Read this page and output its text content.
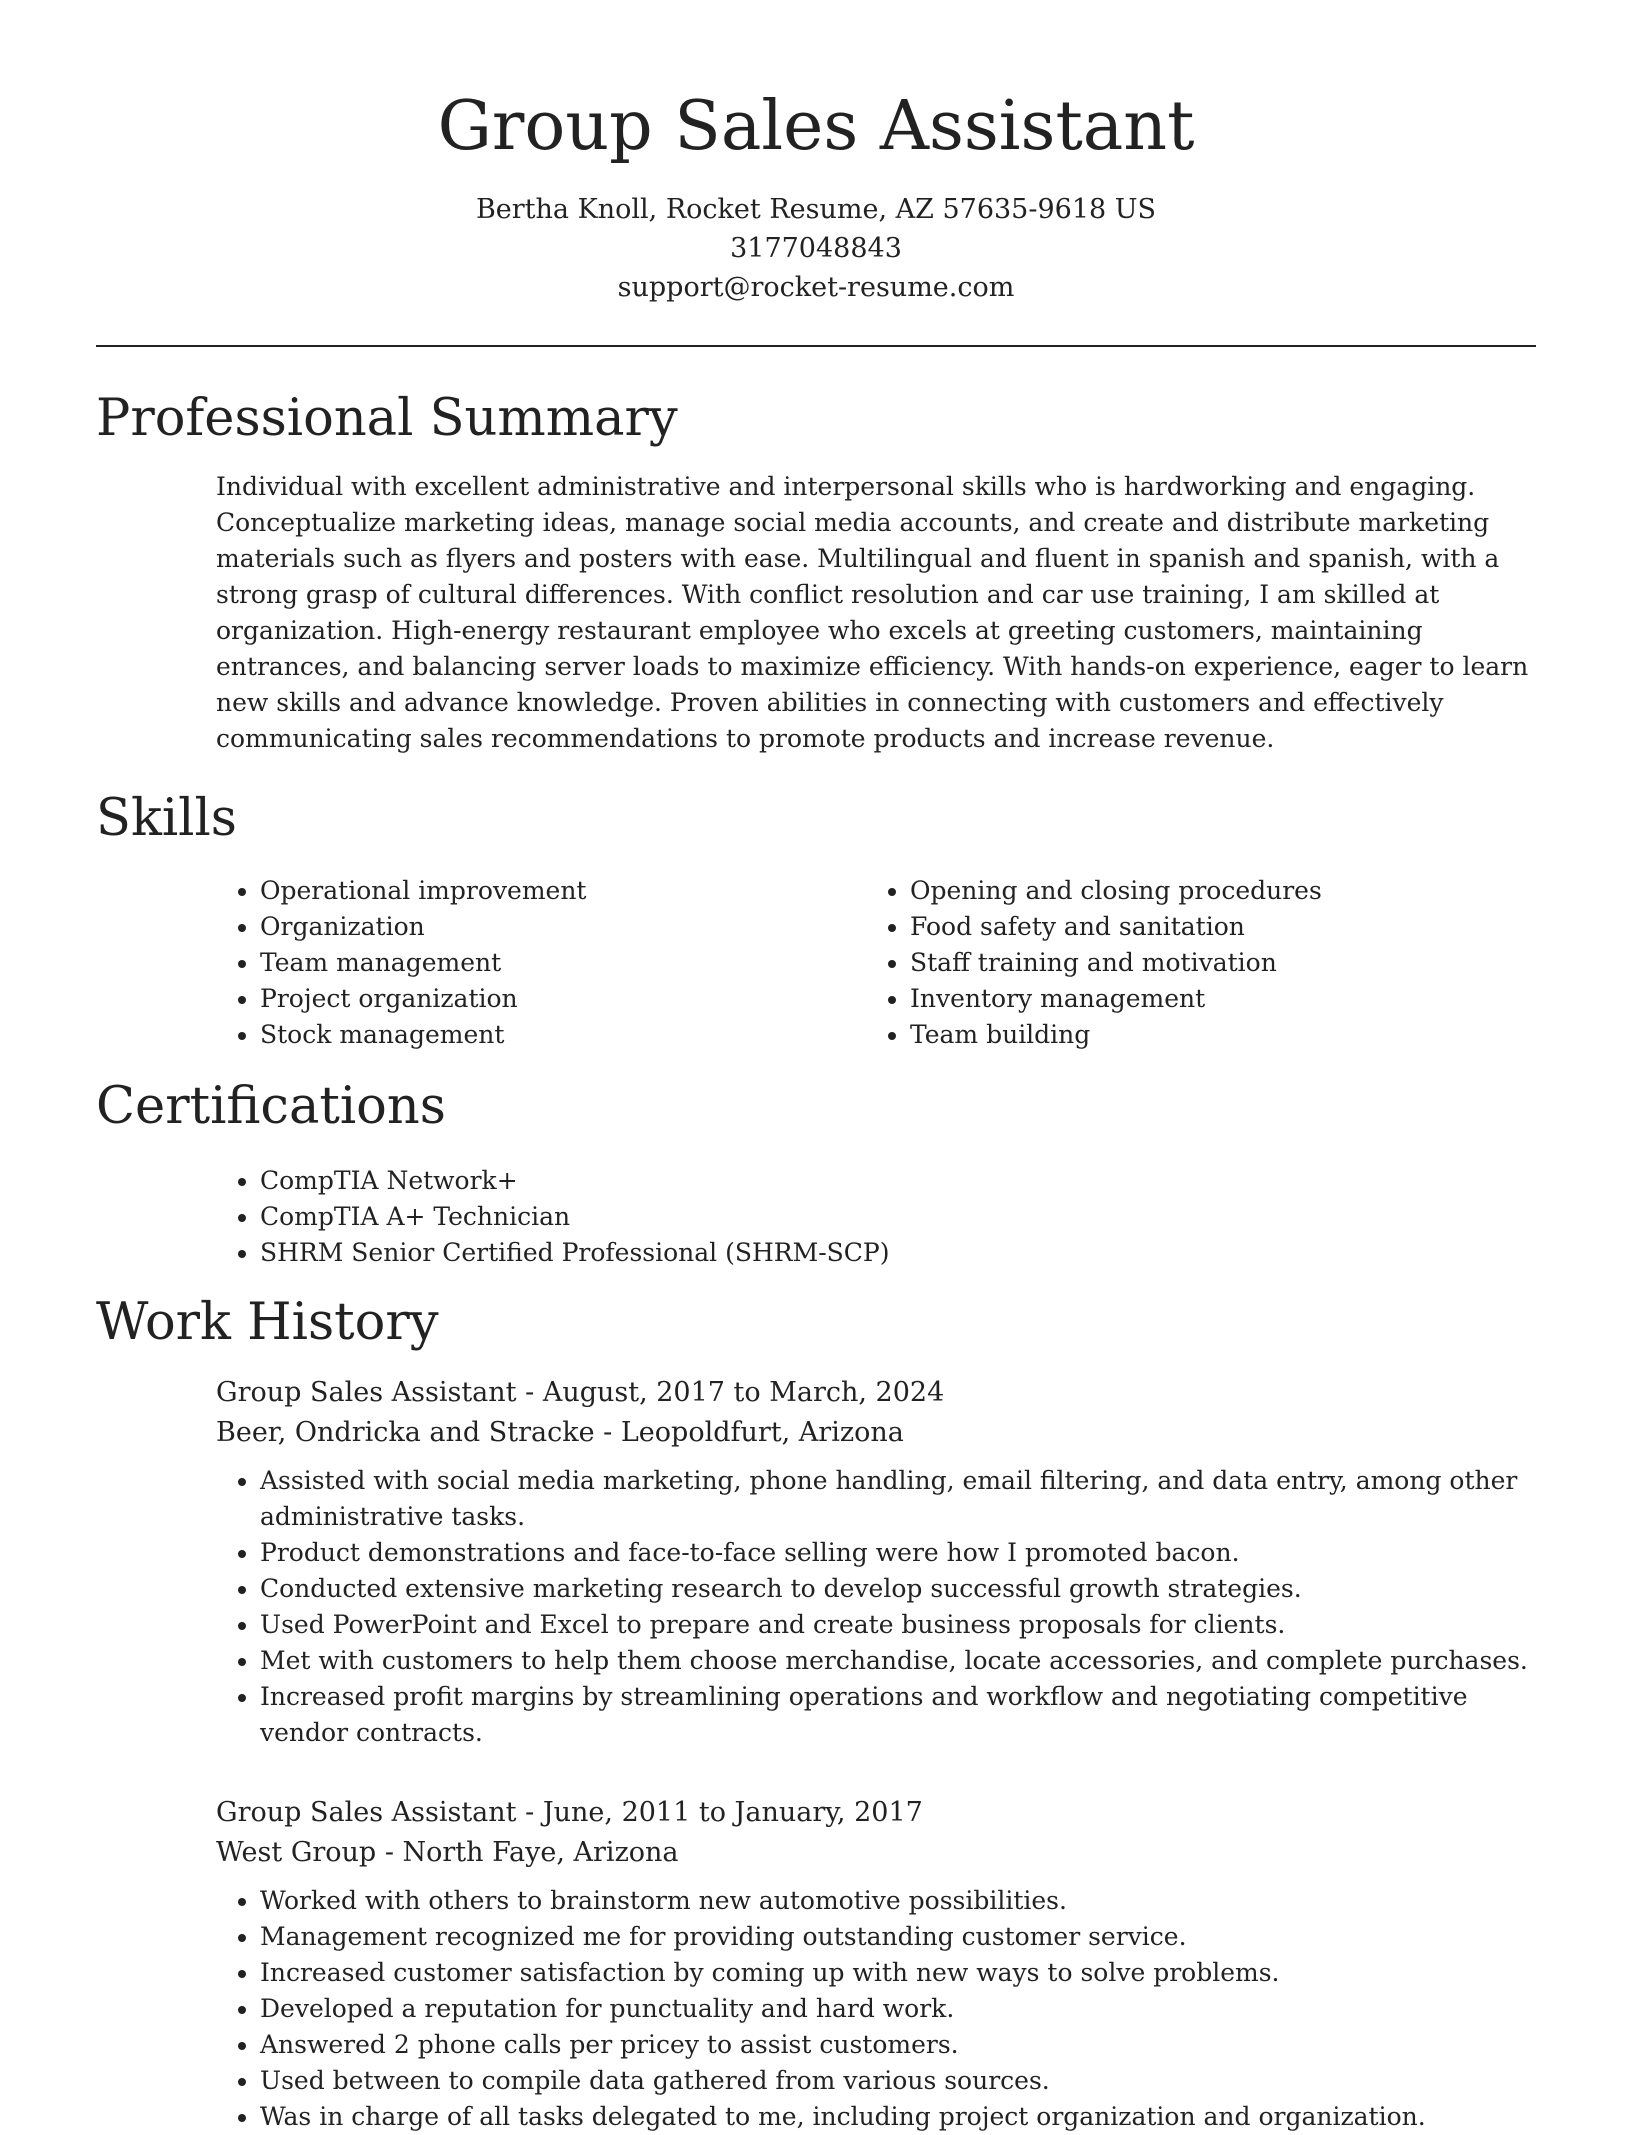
Group Sales Assistant
Bertha Knoll, Rocket Resume, AZ 57635-9618 US
3177048843
support@rocket-resume.com
Professional Summary
Individual with excellent administrative and interpersonal skills who is hardworking and engaging. Conceptualize marketing ideas, manage social media accounts, and create and distribute marketing materials such as flyers and posters with ease. Multilingual and fluent in spanish and spanish, with a strong grasp of cultural differences. With conflict resolution and car use training, I am skilled at organization. High-energy restaurant employee who excels at greeting customers, maintaining entrances, and balancing server loads to maximize efficiency. With hands-on experience, eager to learn new skills and advance knowledge. Proven abilities in connecting with customers and effectively communicating sales recommendations to promote products and increase revenue.
Skills
• Operational improvement
• Organization
• Team management
• Project organization
• Stock management
• Opening and closing procedures
• Food safety and sanitation
• Staff training and motivation
• Inventory management
• Team building
Certifications
• CompTIA Network+
• CompTIA A+ Technician
• SHRM Senior Certified Professional (SHRM-SCP)
Work History
Group Sales Assistant - August, 2017 to March, 2024
Beer, Ondricka and Stracke - Leopoldfurt, Arizona
• Assisted with social media marketing, phone handling, email filtering, and data entry, among other administrative tasks.
• Product demonstrations and face-to-face selling were how I promoted bacon.
• Conducted extensive marketing research to develop successful growth strategies.
• Used PowerPoint and Excel to prepare and create business proposals for clients.
• Met with customers to help them choose merchandise, locate accessories, and complete purchases.
• Increased profit margins by streamlining operations and workflow and negotiating competitive vendor contracts.
Group Sales Assistant - June, 2011 to January, 2017
West Group - North Faye, Arizona
• Worked with others to brainstorm new automotive possibilities.
• Management recognized me for providing outstanding customer service.
• Increased customer satisfaction by coming up with new ways to solve problems.
• Developed a reputation for punctuality and hard work.
• Answered 2 phone calls per pricey to assist customers.
• Used between to compile data gathered from various sources.
• Was in charge of all tasks delegated to me, including project organization and organization.
